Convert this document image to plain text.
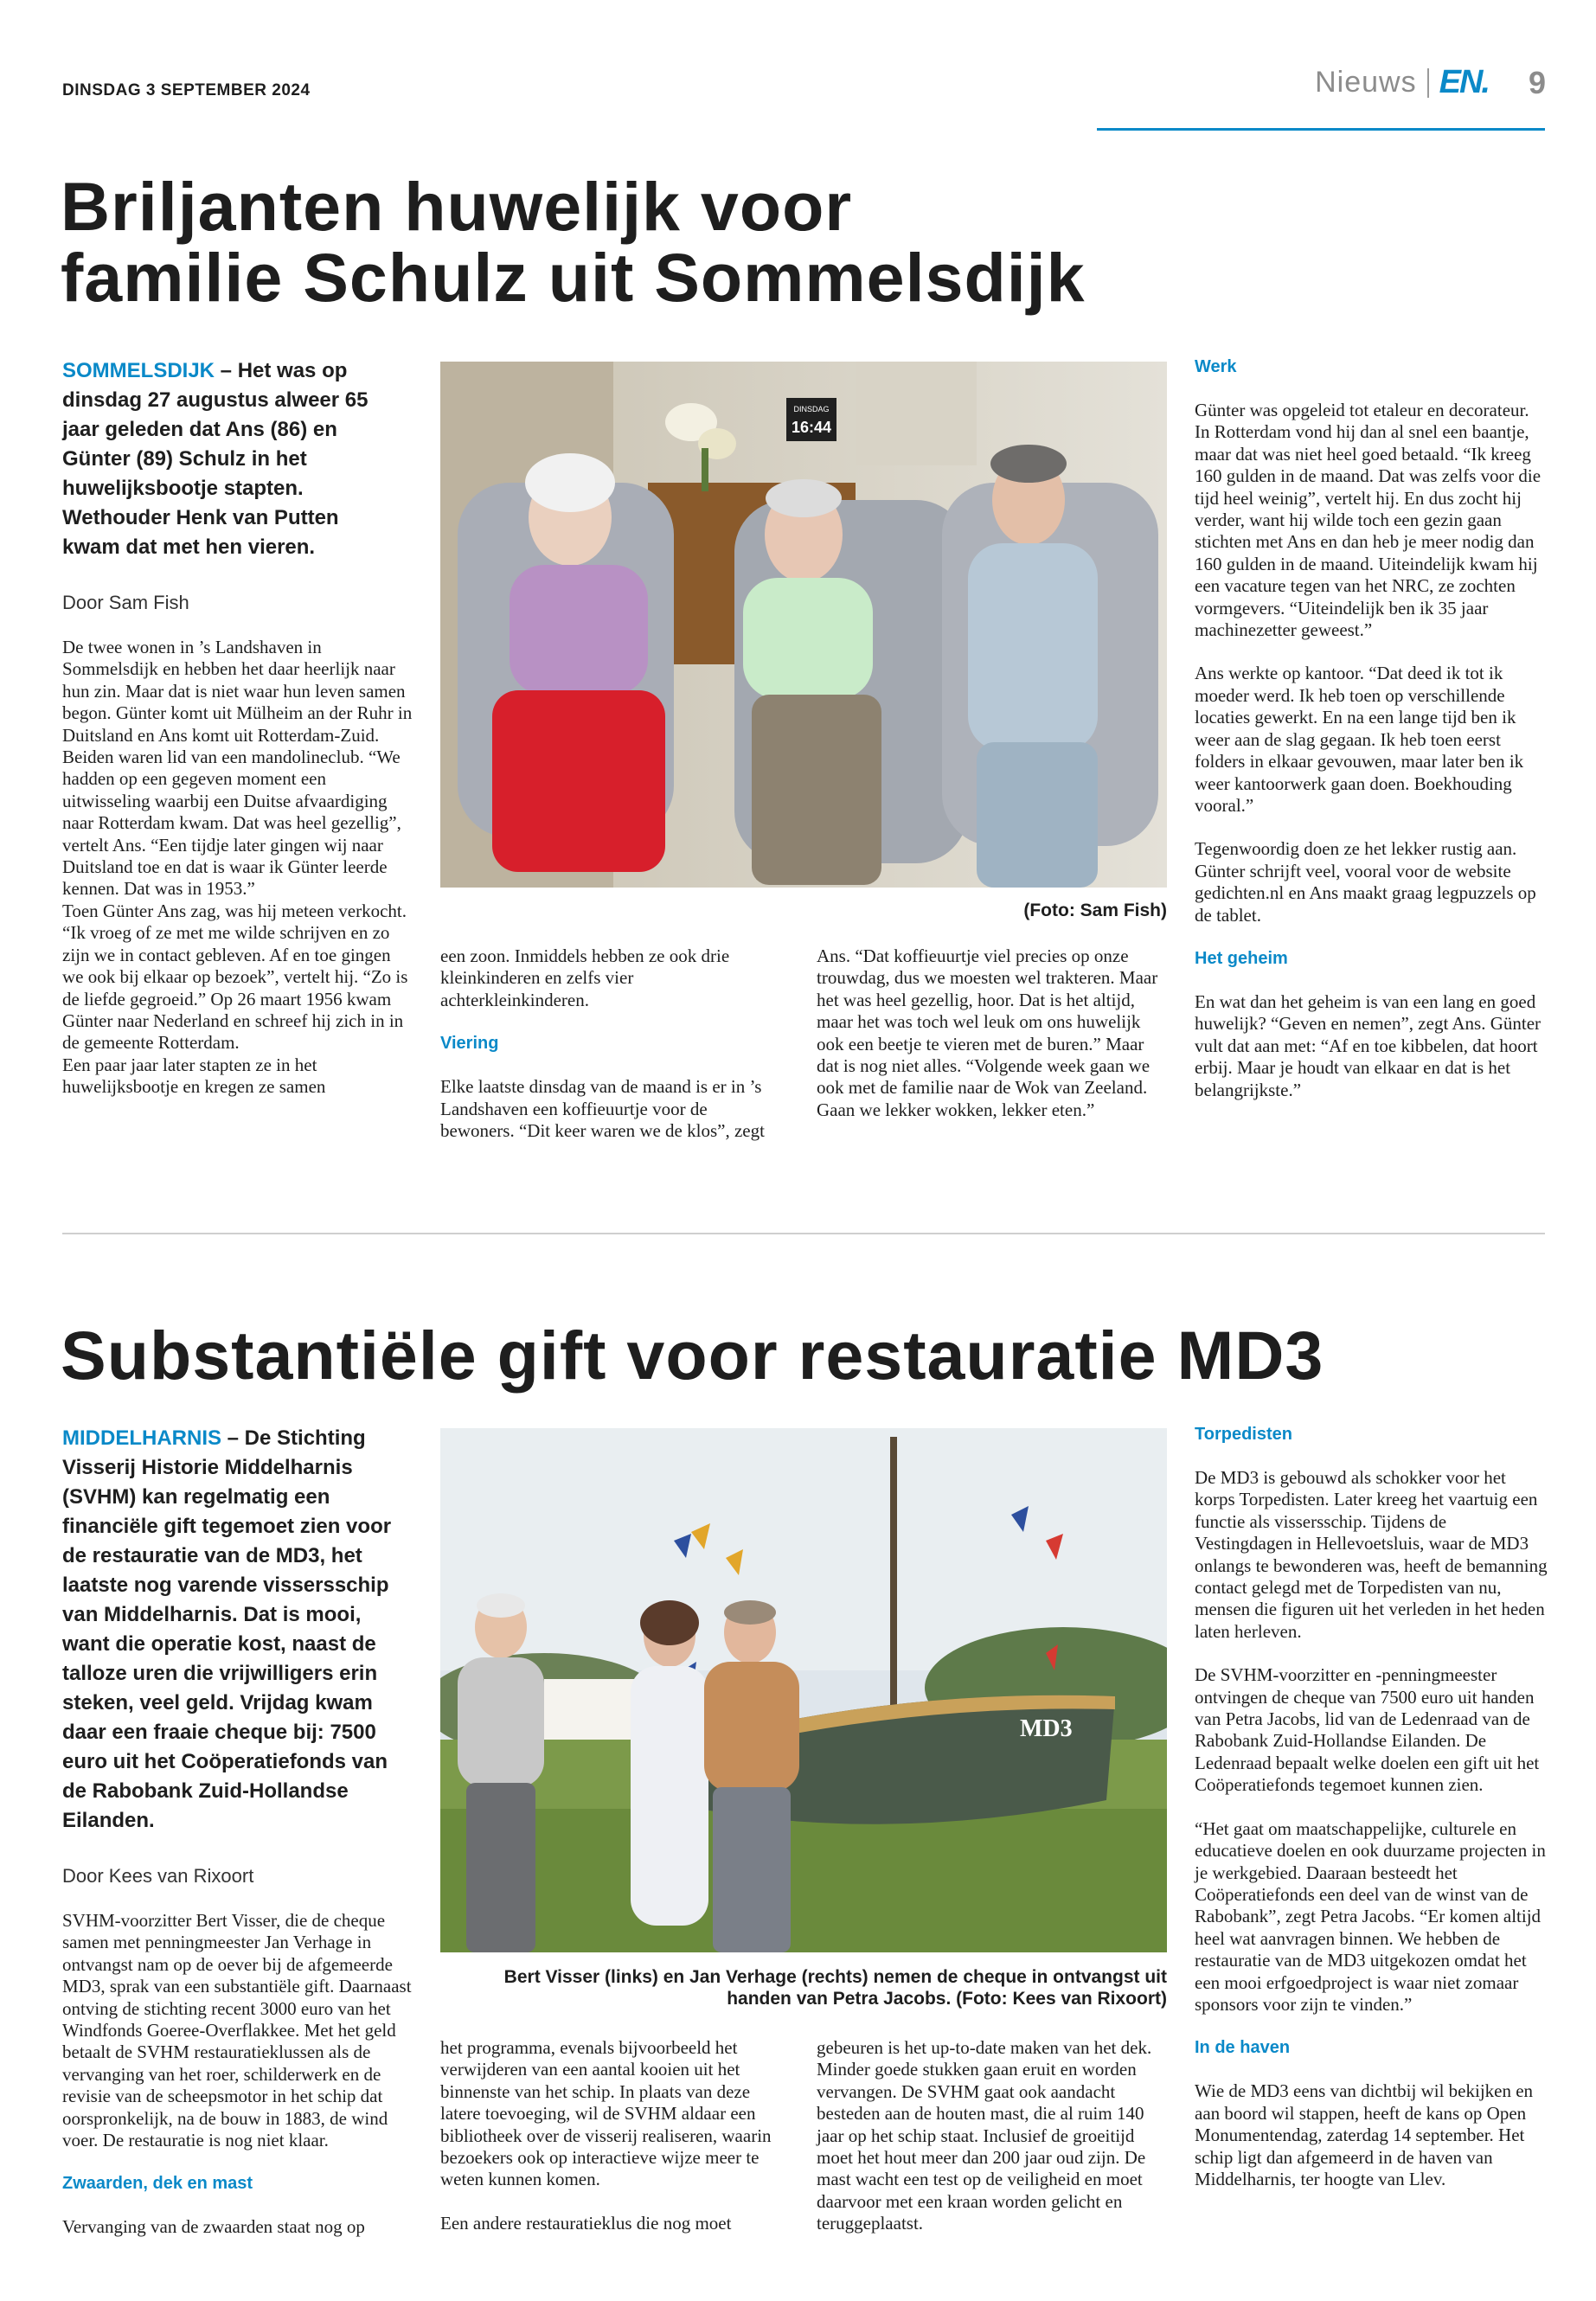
DINSDAG 3 SEPTEMBER 2024	Nieuws EN. 9
Briljanten huwelijk voor
familie Schulz uit Sommelsdijk
SOMMELSDIJK – Het was op dinsdag 27 augustus alweer 65 jaar geleden dat Ans (86) en Günter (89) Schulz in het huwelijksbootje stapten. Wethouder Henk van Putten kwam dat met hen vieren.
Door Sam Fish

De twee wonen in ’s Landshaven in Sommelsdijk en hebben het daar heerlijk naar hun zin. Maar dat is niet waar hun leven samen begon. Günter komt uit Mülheim an der Ruhr in Duitsland en Ans komt uit Rotterdam-Zuid. Beiden waren lid van een mandolineclub. “We hadden op een gegeven moment een uitwisseling waarbij een Duitse afvaardiging naar Rotterdam kwam. Dat was heel gezellig”, vertelt Ans. “Een tijdje later gingen wij naar Duitsland toe en dat is waar ik Günter leerde kennen. Dat was in 1953.”

Toen Günter Ans zag, was hij meteen verkocht. “Ik vroeg of ze met me wilde schrijven en zo zijn we in contact gebleven. Af en toe gingen we ook bij elkaar op bezoek”, vertelt hij. “Zo is de liefde gegroeid.” Op 26 maart 1956 kwam Günter naar Nederland en schreef hij zich in in de gemeente Rotterdam.

Een paar jaar later stapten ze in het huwelijksbootje en kregen ze samen

DINSDAG
16:44
(Foto: Sam Fish)

een zoon. Inmiddels hebben ze ook drie kleinkinderen en zelfs vier achterkleinkinderen.

Viering

Elke laatste dinsdag van de maand is er in ’s Landshaven een koffieuurtje voor de bewoners. “Dit keer waren we de klos”, zegt

Ans. “Dat koffieuurtje viel precies op onze trouwdag, dus we moesten wel trakteren. Maar het was heel gezellig, hoor. Dat is het altijd, maar het was toch wel leuk om ons huwelijk ook een beetje te vieren met de buren.” Maar dat is nog niet alles. “Volgende week gaan we ook met de familie naar de Wok van Zeeland. Gaan we lekker wokken, lekker eten.”

Werk

Günter was opgeleid tot etaleur en decorateur. In Rotterdam vond hij dan al snel een baantje, maar dat was niet heel goed betaald. “Ik kreeg 160 gulden in de maand. Dat was zelfs voor die tijd heel weinig”, vertelt hij. En dus zocht hij verder, want hij wilde toch een gezin gaan stichten met Ans en dan heb je meer nodig dan 160 gulden in de maand. Uiteindelijk kwam hij een vacature tegen van het NRC, ze zochten vormgevers. “Uiteindelijk ben ik 35 jaar machinezetter geweest.”

Ans werkte op kantoor. “Dat deed ik tot ik moeder werd. Ik heb toen op verschillende locaties gewerkt. En na een lange tijd ben ik weer aan de slag gegaan. Ik heb toen eerst folders in elkaar gevouwen, maar later ben ik weer kantoorwerk gaan doen. Boekhouding vooral.”

Tegenwoordig doen ze het lekker rustig aan. Günter schrijft veel, vooral voor de website gedichten.nl en Ans maakt graag legpuzzels op de tablet.

Het geheim

En wat dan het geheim is van een lang en goed huwelijk? “Geven en nemen”, zegt Ans. Günter vult dat aan met: “Af en toe kibbelen, dat hoort erbij. Maar je houdt van elkaar en dat is het belangrijkste.”

Substantiële gift voor restauratie MD3
MIDDELHARNIS – De Stichting Visserij Historie Middelharnis (SVHM) kan regelmatig een financiële gift tegemoet zien voor de restauratie van de MD3, het laatste nog varende vissersschip van Middelharnis. Dat is mooi, want die operatie kost, naast de talloze uren die vrijwilligers erin steken, veel geld. Vrijdag kwam daar een fraaie cheque bij: 7500 euro uit het Coöperatiefonds van de Rabobank Zuid-Hollandse Eilanden.
Door Kees van Rixoort

SVHM-voorzitter Bert Visser, die de cheque samen met penningmeester Jan Verhage in ontvangst nam op de oever bij de afgemeerde MD3, sprak van een substantiële gift. Daarnaast ontving de stichting recent 3000 euro van het Windfonds Goeree-Overflakkee. Met het geld betaalt de SVHM restauratieklussen als de vervanging van het roer, schilderwerk en de revisie van de scheepsmotor in het schip dat oorspronkelijk, na de bouw in 1883, de wind voer. De restauratie is nog niet klaar.

Zwaarden, dek en mast

Vervanging van de zwaarden staat nog op

MD3
Bert Visser (links) en Jan Verhage (rechts) nemen de cheque in ontvangst uit handen van Petra Jacobs. (Foto: Kees van Rixoort)

het programma, evenals bijvoorbeeld het verwijderen van een aantal kooien uit het binnenste van het schip. In plaats van deze latere toevoeging, wil de SVHM aldaar een bibliotheek over de visserij realiseren, waarin bezoekers ook op interactieve wijze meer te weten kunnen komen.

Een andere restauratieklus die nog moet

gebeuren is het up-to-date maken van het dek. Minder goede stukken gaan eruit en worden vervangen. De SVHM gaat ook aandacht besteden aan de houten mast, die al ruim 140 jaar op het schip staat. Inclusief de groeitijd moet het hout meer dan 200 jaar oud zijn. De mast wacht een test op de veiligheid en moet daarvoor met een kraan worden gelicht en teruggeplaatst.

Torpedisten

De MD3 is gebouwd als schokker voor het korps Torpedisten. Later kreeg het vaartuig een functie als vissersschip. Tijdens de Vestingdagen in Hellevoetsluis, waar de MD3 onlangs te bewonderen was, heeft de bemanning contact gelegd met de Torpedisten van nu, mensen die figuren uit het verleden in het heden laten herleven.

De SVHM-voorzitter en -penningmeester ontvingen de cheque van 7500 euro uit handen van Petra Jacobs, lid van de Ledenraad van de Rabobank Zuid-Hollandse Eilanden. De Ledenraad bepaalt welke doelen een gift uit het Coöperatiefonds tegemoet kunnen zien.

“Het gaat om maatschappelijke, culturele en educatieve doelen en ook duurzame projecten in je werkgebied. Daaraan besteedt het Coöperatiefonds een deel van de winst van de Rabobank”, zegt Petra Jacobs. “Er komen altijd heel wat aanvragen binnen. We hebben de restauratie van de MD3 uitgekozen omdat het een mooi erfgoedproject is waar niet zomaar sponsors voor zijn te vinden.”

In de haven

Wie de MD3 eens van dichtbij wil bekijken en aan boord wil stappen, heeft de kans op Open Monumentendag, zaterdag 14 september. Het schip ligt dan afgemeerd in de haven van Middelharnis, ter hoogte van Llev.
